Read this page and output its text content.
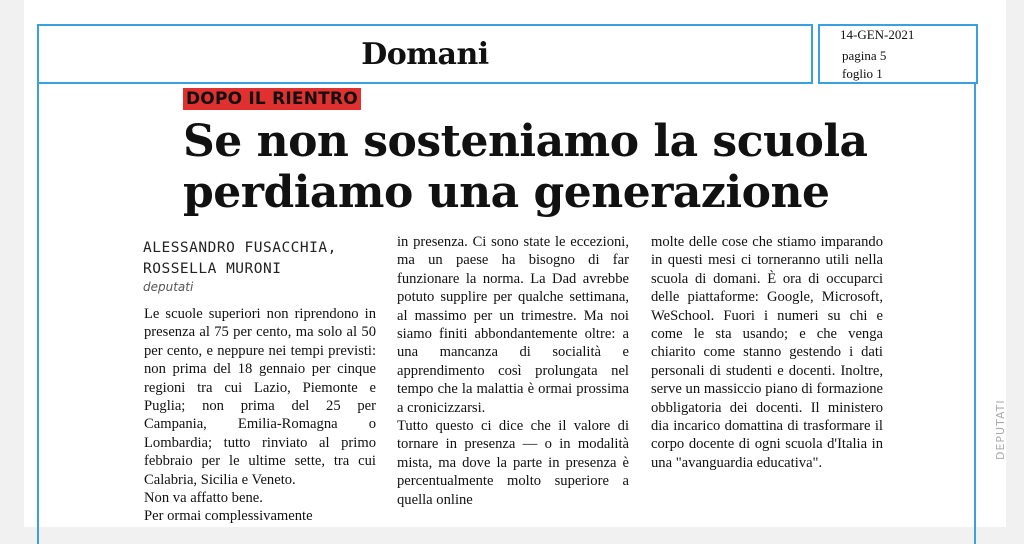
Domani
14-GEN-2021
pagina 5
foglio 1
DOPO IL RIENTRO
Se non sosteniamo la scuola
perdiamo una generazione
ALESSANDRO FUSACCHIA,
ROSSELLA MURONI
deputati

Le scuole superiori non riprendono in presenza al 75 per cento, ma solo al 50 per cento, e neppure nei tempi previsti: non prima del 18 gennaio per cinque regioni tra cui Lazio, Piemonte e Puglia; non prima del 25 per Campania, Emilia-Romagna o Lombardia; tutto rinviato al primo febbraio per le ultime sette, tra cui Calabria, Sicilia e Veneto.

Non va affatto bene.

Per ormai complessivamente

in presenza. Ci sono state le eccezioni, ma un paese ha bisogno di far funzionare la norma. La Dad avrebbe potuto supplire per qualche settimana, al massimo per un trimestre. Ma noi siamo finiti abbondantemente oltre: a una mancanza di socialità e apprendimento così prolungata nel tempo che la malattia è ormai prossima a cronicizzarsi.

Tutto questo ci dice che il valore di tornare in presenza — o in modalità mista, ma dove la parte in presenza è percentualmente molto superiore a quella online

molte delle cose che stiamo imparando in questi mesi ci torneranno utili nella scuola di domani. È ora di occuparci delle piattaforme: Google, Microsoft, WeSchool. Fuori i numeri su chi e come le sta usando; e che venga chiarito come stanno gestendo i dati personali di studenti e docenti. Inoltre, serve un massiccio piano di formazione obbligatoria dei docenti. Il ministero dia incarico domattina di trasformare il corpo docente di ogni scuola d'Italia in una "avanguardia educativa".

DEPUTATI
